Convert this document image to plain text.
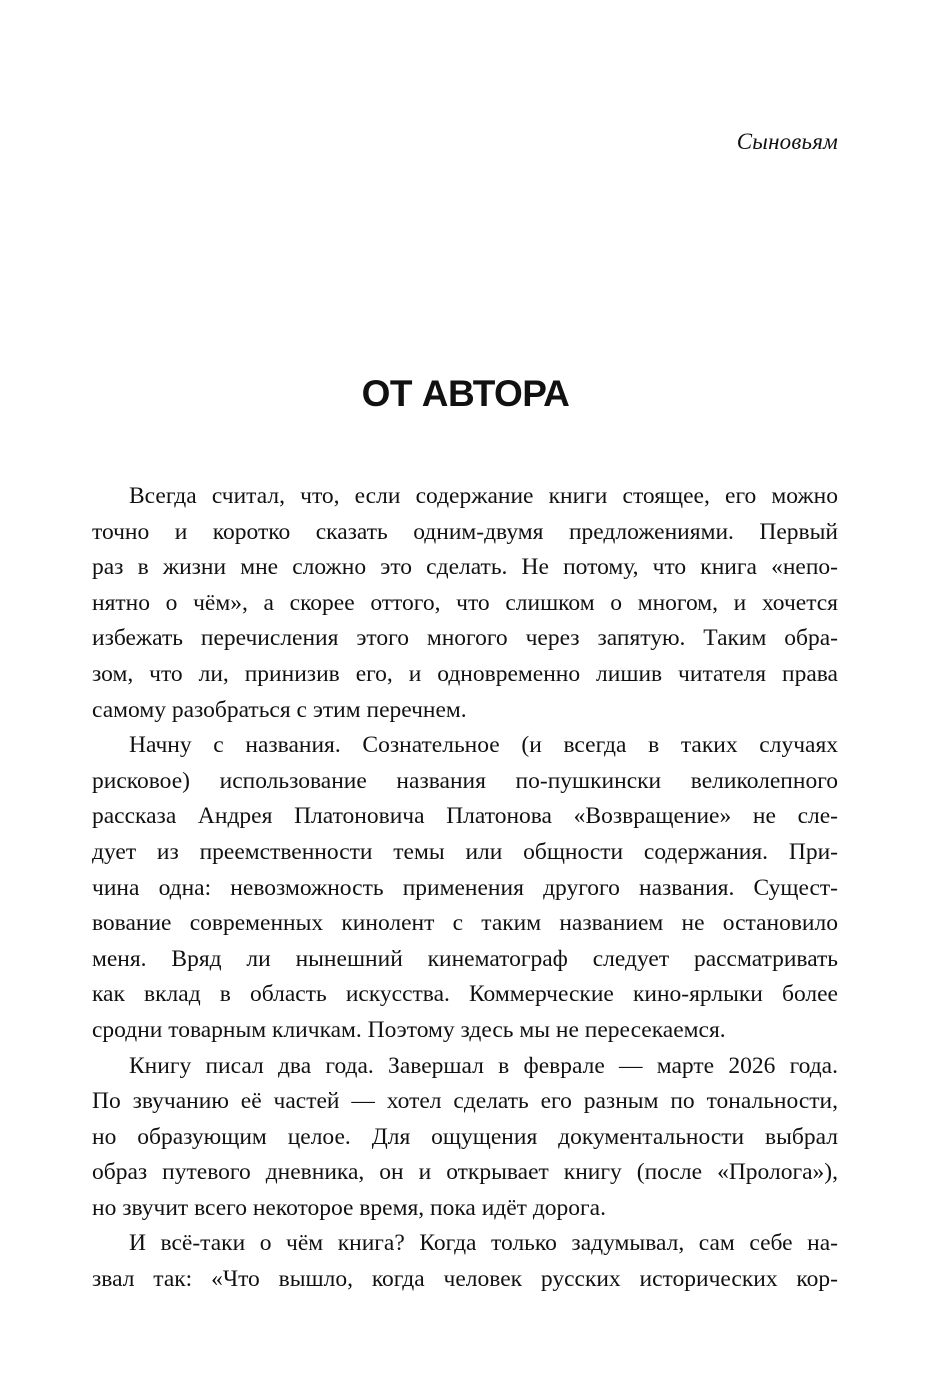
Сыновьям
ОТ АВТОРА
Всегда считал, что, если содержание книги стоящее, его можно
точно и коротко сказать одним-двумя предложениями. Первый
раз в жизни мне сложно это сделать. Не потому, что книга «непо-
нятно о чём», а скорее оттого, что слишком о многом, и хочется
избежать перечисления этого многого через запятую. Таким обра-
зом, что ли, принизив его, и одновременно лишив читателя права
самому разобраться с этим перечнем.
Начну с названия. Сознательное (и всегда в таких случаях
рисковое) использование названия по-пушкински великолепного
рассказа Андрея Платоновича Платонова «Возвращение» не сле-
дует из преемственности темы или общности содержания. При-
чина одна: невозможность применения другого названия. Сущест-
вование современных кинолент с таким названием не остановило
меня. Вряд ли нынешний кинематограф следует рассматривать
как вклад в область искусства. Коммерческие кино-ярлыки более
сродни товарным кличкам. Поэтому здесь мы не пересекаемся.
Книгу писал два года. Завершал в феврале — марте 2026 года.
По звучанию её частей — хотел сделать его разным по тональности,
но образующим целое. Для ощущения документальности выбрал
образ путевого дневника, он и открывает книгу (после «Пролога»),
но звучит всего некоторое время, пока идёт дорога.
И всё-таки о чём книга? Когда только задумывал, сам себе на-
звал так: «Что вышло, когда человек русских исторических кор-
